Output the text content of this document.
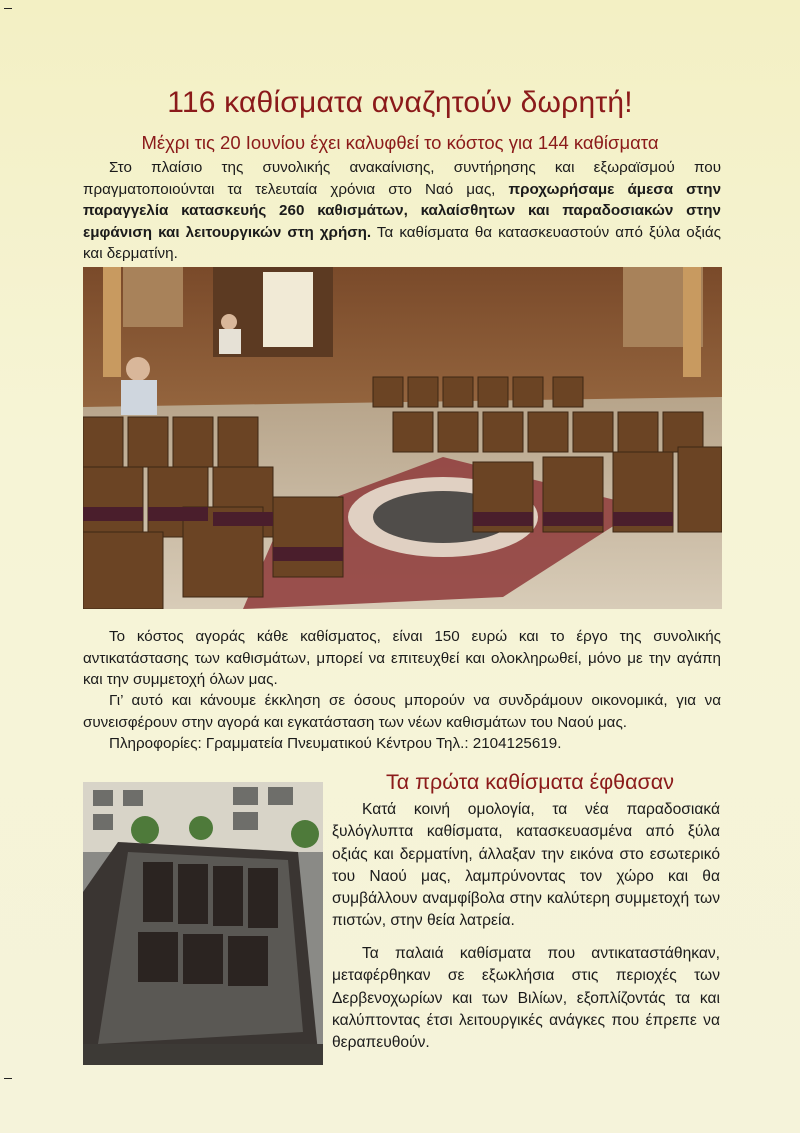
116 καθίσματα αναζητούν δωρητή!

Μέχρι τις 20 Ιουνίου έχει καλυφθεί το κόστος για 144 καθίσματα

Στο πλαίσιο της συνολικής ανακαίνισης, συντήρησης και εξωραϊσμού που πραγματοποιούνται τα τελευταία χρόνια στο Ναό μας, προχωρήσαμε άμεσα στην παραγγελία κατασκευής 260 καθισμάτων, καλαίσθητων και παραδοσιακών στην εμφάνιση και λειτουργικών στη χρήση. Τα καθίσματα θα κατασκευαστούν από ξύλα οξιάς και δερματίνη.

Το κόστος αγοράς κάθε καθίσματος, είναι 150 ευρώ και το έργο της συνολικής αντικατάστασης των καθισμάτων, μπορεί να επιτευχθεί και ολοκληρωθεί, μόνο με την αγάπη και την συμμετοχή όλων μας.

Γι’ αυτό και κάνουμε έκκληση σε όσους μπορούν να συνδράμουν οικονομικά, για να συνεισφέρουν στην αγορά και εγκατάσταση των νέων καθισμάτων του Ναού μας.

Πληροφορίες: Γραμματεία Πνευματικού Κέντρου Τηλ.: 2104125619.

Τα πρώτα καθίσματα έφθασαν

Κατά κοινή ομολογία, τα νέα παραδοσιακά ξυλόγλυπτα καθίσματα, κατασκευασμένα από ξύλα οξιάς και δερματίνη, άλλαξαν την εικόνα στο εσωτερικό του Ναού μας, λαμπρύνοντας τον χώρο και θα συμβάλλουν αναμφίβολα στην καλύτερη συμμετοχή των πιστών, στην θεία λατρεία.

Τα παλαιά καθίσματα που αντικαταστάθηκαν, μεταφέρθηκαν σε εξωκλήσια στις περιοχές των Δερβενοχωρίων και των Βιλίων, εξοπλίζοντάς τα και καλύπτοντας έτσι λειτουργικές ανάγκες που έπρεπε να θεραπευθούν.
